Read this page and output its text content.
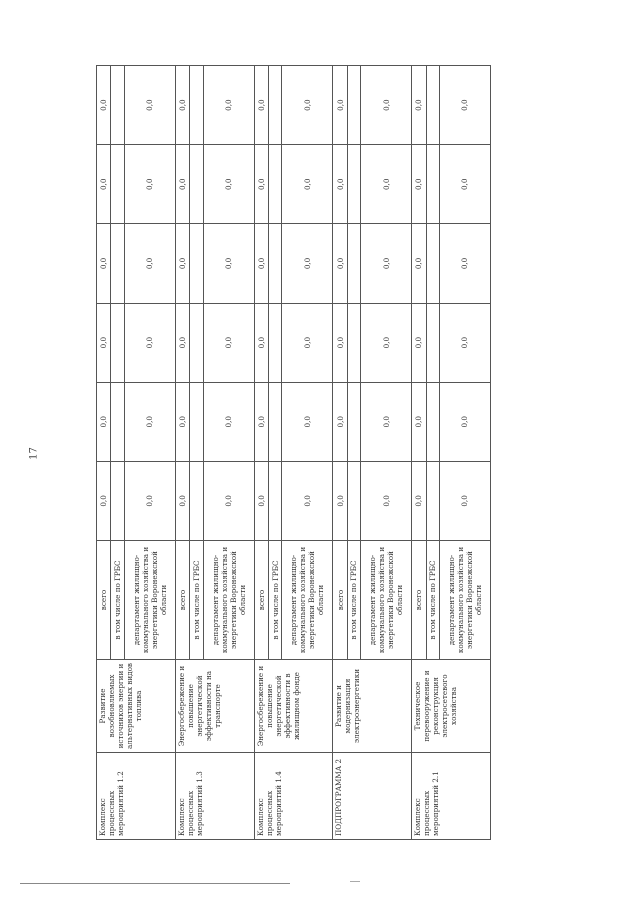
17
Комплекс процессных мероприятий 1.2	Развитие возобновляемых источников энергии и альтернативных видов топлива	всего	0,0	0,0	0,0	0,0	0,0	0,0
		в том числе по ГРБС						
		департамент жилищно-коммунального хозяйства и энергетики Воронежской области	0,0	0,0	0,0	0,0	0,0	0,0
Комплекс процессных мероприятий 1.3	Энергосбережение и повышение энергетической эффективности на транспорте	всего	0,0	0,0	0,0	0,0	0,0	0,0
		в том числе по ГРБС						
		департамент жилищно-коммунального хозяйства и энергетики Воронежской области	0,0	0,0	0,0	0,0	0,0	0,0
Комплекс процессных мероприятий 1.4	Энергосбережение и повышение энергетической эффективности в жилищном фонде	всего	0,0	0,0	0,0	0,0	0,0	0,0
		в том числе по ГРБС						
		департамент жилищно-коммунального хозяйства и энергетики Воронежской области	0,0	0,0	0,0	0,0	0,0	0,0
ПОДПРОГРАММА 2	Развитие и модернизация электроэнергетики	всего	0,0	0,0	0,0	0,0	0,0	0,0
		в том числе по ГРБС						
		департамент жилищно-коммунального хозяйства и энергетики Воронежской области	0,0	0,0	0,0	0,0	0,0	0,0
Комплекс процессных мероприятий 2.1	Техническое перевооружение и реконструкция электросетевого хозяйства	всего	0,0	0,0	0,0	0,0	0,0	0,0
		в том числе по ГРБС						
		департамент жилищно-коммунального хозяйства и энергетики Воронежской области	0,0	0,0	0,0	0,0	0,0	0,0
